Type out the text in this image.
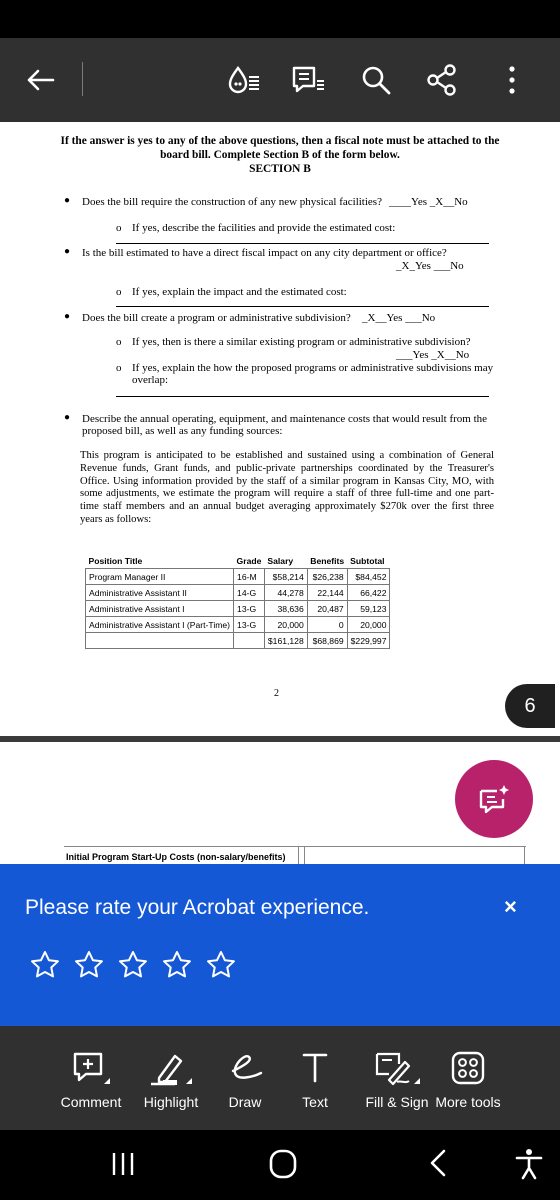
If the answer is yes to any of the above questions, then a fiscal note must be attached to the
board bill. Complete Section B of the form below.
SECTION B
● Does the bill require the construction of any new physical facilities? ____Yes _X__No
o If yes, describe the facilities and provide the estimated cost:
● Is the bill estimated to have a direct fiscal impact on any city department or office?
_X_Yes ___No
o If yes, explain the impact and the estimated cost:
● Does the bill create a program or administrative subdivision? _X__Yes ___No
o If yes, then is there a similar existing program or administrative subdivision?
___Yes _X__No
o If yes, explain the how the proposed programs or administrative subdivisions may
overlap:
● Describe the annual operating, equipment, and maintenance costs that would result from the
proposed bill, as well as any funding sources:
This program is anticipated to be established and sustained using a combination of General Revenue funds, Grant funds, and public-private partnerships coordinated by the Treasurer's Office. Using information provided by the staff of a similar program in Kansas City, MO, with some adjustments, we estimate the program will require a staff of three full-time and one part-time staff members and an annual budget averaging approximately $270k over the first three years as follows:
Position Title	Grade	Salary	Benefits	Subtotal
Program Manager II	16-M	$58,214	$26,238	$84,452
Administrative Assistant II	14-G	44,278	22,144	66,422
Administrative Assistant I	13-G	38,636	20,487	59,123
Administrative Assistant I (Part-Time)	13-G	20,000	0	20,000
		$161,128	$68,869	$229,997
2
Initial Program Start-Up Costs (non-salary/benefits)
6
Please rate your Acrobat experience.	×
Comment	Highlight	Draw	Text	Fill & Sign More tools
